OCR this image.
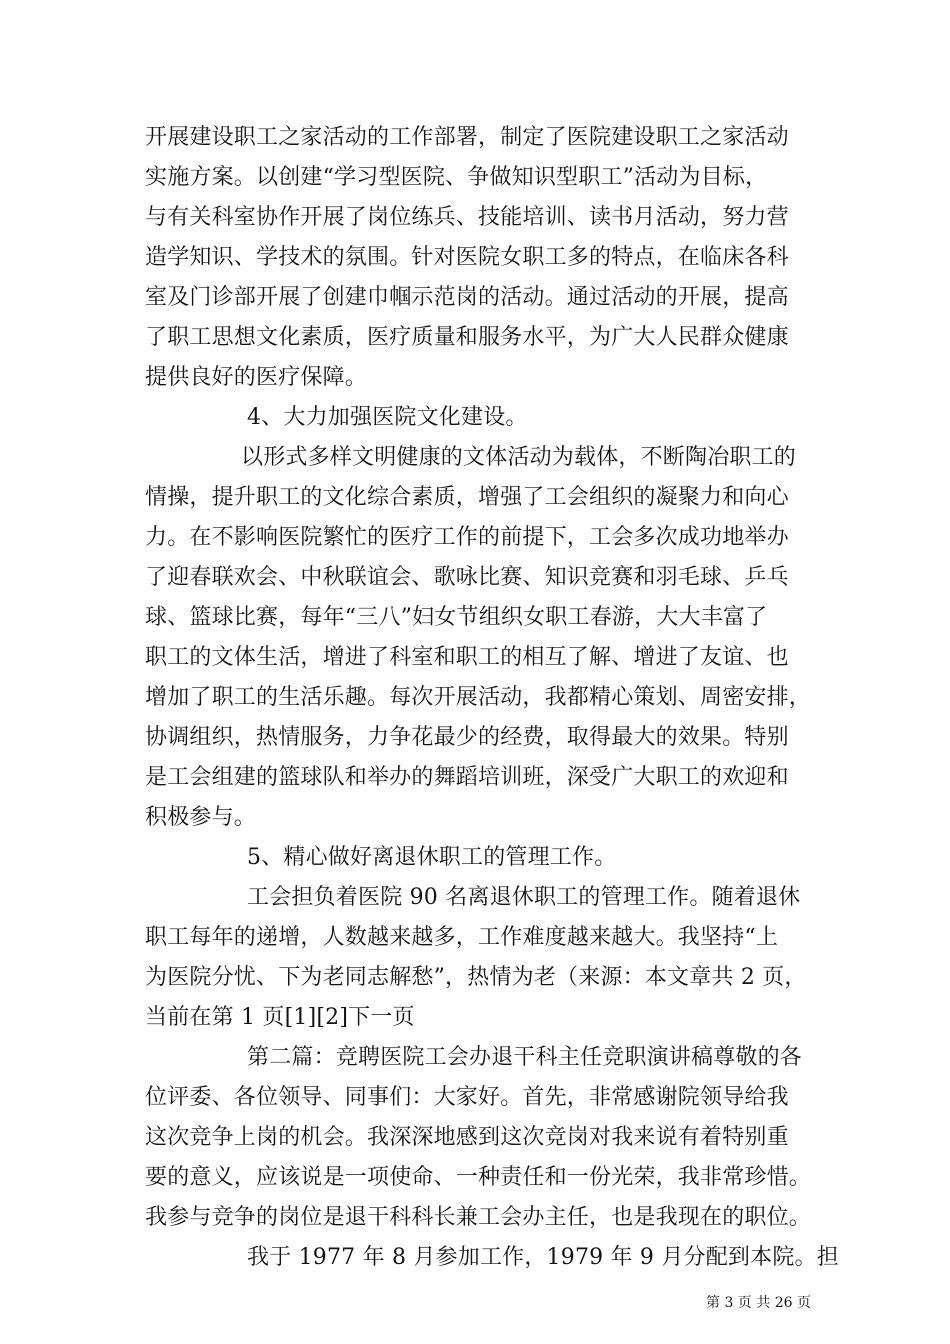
开展建设职工之家活动的工作部署，制定了医院建设职工之家活动
实施方案。以创建“学习型医院、争做知识型职工”活动为目标，
与有关科室协作开展了岗位练兵、技能培训、读书月活动，努力营
造学知识、学技术的氛围。针对医院女职工多的特点，在临床各科
室及门诊部开展了创建巾帼示范岗的活动。通过活动的开展，提高
了职工思想文化素质，医疗质量和服务水平，为广大人民群众健康
提供良好的医疗保障。
4、大力加强医院文化建设。
以形式多样文明健康的文体活动为载体，不断陶冶职工的
情操，提升职工的文化综合素质，增强了工会组织的凝聚力和向心
力。在不影响医院繁忙的医疗工作的前提下，工会多次成功地举办
了迎春联欢会、中秋联谊会、歌咏比赛、知识竞赛和羽毛球、乒乓
球、篮球比赛，每年“三八”妇女节组织女职工春游，大大丰富了
职工的文体生活，增进了科室和职工的相互了解、增进了友谊、也
增加了职工的生活乐趣。每次开展活动，我都精心策划、周密安排，
协调组织，热情服务，力争花最少的经费，取得最大的效果。特别
是工会组建的篮球队和举办的舞蹈培训班，深受广大职工的欢迎和
积极参与。
5、精心做好离退休职工的管理工作。
工会担负着医院 90 名离退休职工的管理工作。随着退休
职工每年的递增，人数越来越多，工作难度越来越大。我坚持“上
为医院分忧、下为老同志解愁”，热情为老（来源：本文章共 2 页，
当前在第 1 页[1][2]下一页
第二篇：竞聘医院工会办退干科主任竞职演讲稿尊敬的各
位评委、各位领导、同事们：大家好。首先，非常感谢院领导给我
这次竞争上岗的机会。我深深地感到这次竞岗对我来说有着特别重
要的意义，应该说是一项使命、一种责任和一份光荣，我非常珍惜。
我参与竞争的岗位是退干科科长兼工会办主任，也是我现在的职位。
我于 1977 年 8 月参加工作，1979 年 9 月分配到本院。担
第 3 页 共 26 页
